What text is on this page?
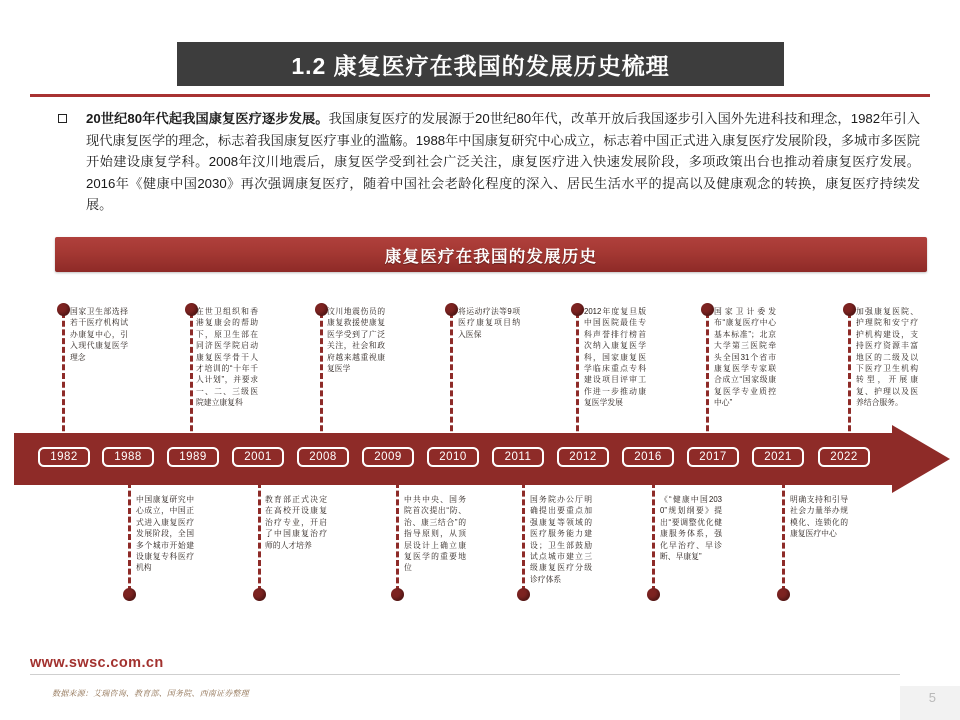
1.2 康复医疗在我国的发展历史梳理
20世纪80年代起我国康复医疗逐步发展。我国康复医疗的发展源于20世纪80年代，改革开放后我国逐步引入国外先进科技和理念，1982年引入现代康复医学的理念，标志着我国康复医疗事业的滥觞。1988年中国康复研究中心成立，标志着中国正式进入康复医疗发展阶段，多城市多医院开始建设康复学科。2008年汶川地震后，康复医学受到社会广泛关注，康复医疗进入快速发展阶段，多项政策出台也推动着康复医疗发展。2016年《健康中国2030》再次强调康复医疗，随着中国社会老龄化程度的深入、居民生活水平的提高以及健康观念的转换，康复医疗持续发展。
康复医疗在我国的发展历史
1982	1988	1989	2001	2008	2009	2010	2011	2012	2016	2017	2021	2022
国家卫生部选择若干医疗机构试办康复中心，引入现代康复医学理念
在世卫组织和香港复康会的帮助下，原卫生部在同济医学院启动康复医学骨干人才培训的“十年千人计划”，并要求一、二、三级医院建立康复科
汶川地震伤员的康复救援使康复医学受到了广泛关注，社会和政府越来越重视康复医学
将运动疗法等9项医疗康复项目纳入医保
2012年度复旦版中国医院最佳专科声誉排行榜首次纳入康复医学科，国家康复医学临床重点专科建设项目评审工作进一步推动康复医学发展
国家卫计委发布“康复医疗中心基本标准”；北京大学第三医院牵头全国31个省市康复医学专家联合成立“国家级康复医学专业质控中心”
加强康复医院、护理院和安宁疗护机构建设，支持医疗资源丰富地区的二级及以下医疗卫生机构转型，开展康复、护理以及医养结合服务。
中国康复研究中心成立，中国正式进入康复医疗发展阶段，全国多个城市开始建设康复专科医疗机构
教育部正式决定在高校开设康复治疗专业，开启了中国康复治疗师的人才培养
中共中央、国务院首次提出“防、治、康三结合”的指导原则，从顶层设计上确立康复医学的重要地位
国务院办公厅明确提出要重点加强康复等领域的医疗服务能力建设；卫生部鼓励试点城市建立三级康复医疗分级诊疗体系
《“健康中国2030”规划纲要》提出“要调整优化健康服务体系，强化早治疗、早诊断、早康复”
明确支持和引导社会力量举办规模化、连锁化的康复医疗中心
www.swsc.com.cn
数据来源：艾瑞咨询、教育部、国务院、西南证券整理	5
